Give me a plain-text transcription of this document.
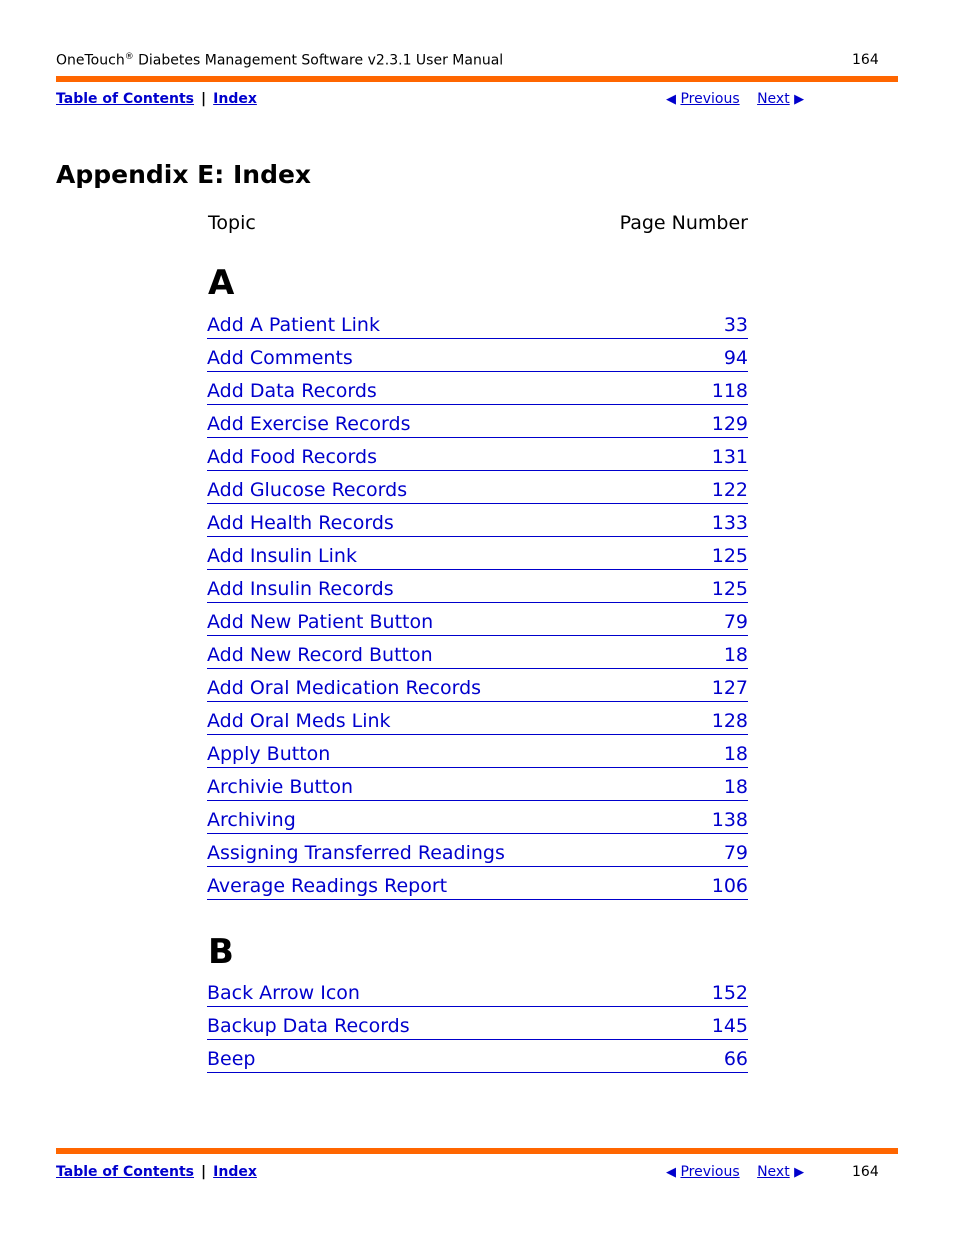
OneTouch® Diabetes Management Software v2.3.1 User Manual	164
Table of Contents | Index	◀ Previous Next ▶
Appendix E: Index
Topic	Page Number
A
Add A Patient Link	33
Add Comments	94
Add Data Records	118
Add Exercise Records	129
Add Food Records	131
Add Glucose Records	122
Add Health Records	133
Add Insulin Link	125
Add Insulin Records	125
Add New Patient Button	79
Add New Record Button	18
Add Oral Medication Records	127
Add Oral Meds Link	128
Apply Button	18
Archivie Button	18
Archiving	138
Assigning Transferred Readings	79
Average Readings Report	106
B
Back Arrow Icon	152
Backup Data Records	145
Beep	66
Table of Contents | Index	◀ Previous Next ▶	164
